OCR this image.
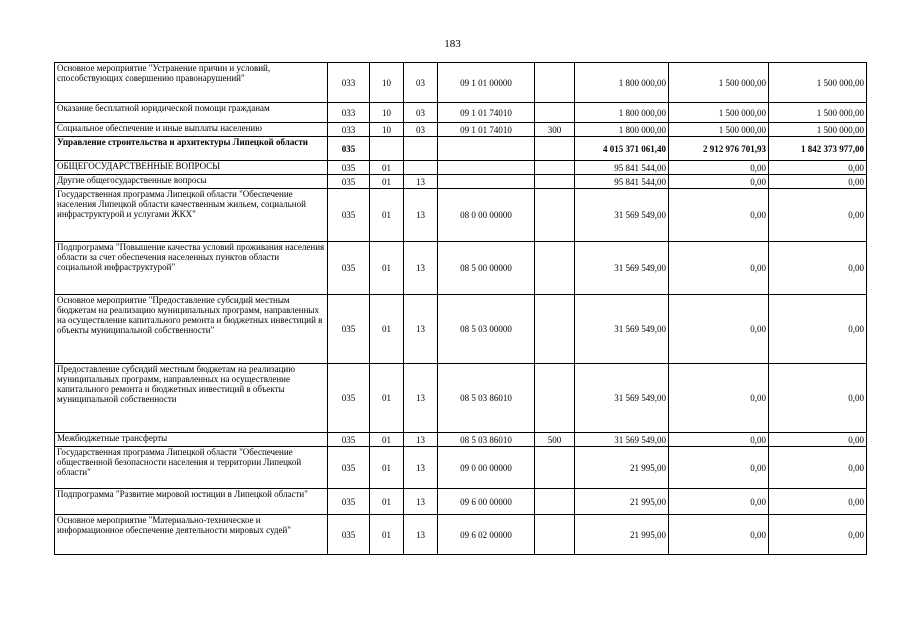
183
Основное мероприятие "Устранение причин и условий, способствующих совершению правонарушений"	033	10	03	09 1 01 00000		1 800 000,00	1 500 000,00	1 500 000,00
Оказание бесплатной юридической помощи гражданам	033	10	03	09 1 01 74010		1 800 000,00	1 500 000,00	1 500 000,00
Социальное обеспечение и иные выплаты населению	033	10	03	09 1 01 74010	300	1 800 000,00	1 500 000,00	1 500 000,00
Управление строительства и архитектуры Липецкой области	035					4 015 371 061,40	2 912 976 701,93	1 842 373 977,00
ОБЩЕГОСУДАРСТВЕННЫЕ ВОПРОСЫ	035	01				95 841 544,00	0,00	0,00
Другие общегосударственные вопросы	035	01	13			95 841 544,00	0,00	0,00
Государственная программа Липецкой области "Обеспечение населения Липецкой области качественным жильем, социальной инфраструктурой и услугами ЖКХ"	035	01	13	08 0 00 00000		31 569 549,00	0,00	0,00
Подпрограмма "Повышение качества условий проживания населения области за счет обеспечения населенных пунктов области социальной инфраструктурой"	035	01	13	08 5 00 00000		31 569 549,00	0,00	0,00
Основное мероприятие "Предоставление субсидий местным бюджетам на реализацию муниципальных программ, направленных на осуществление капитального ремонта и бюджетных инвестиций в объекты муниципальной собственности"	035	01	13	08 5 03 00000		31 569 549,00	0,00	0,00
Предоставление субсидий местным бюджетам на реализацию муниципальных программ, направленных на осуществление капитального ремонта и бюджетных инвестиций в объекты муниципальной собственности	035	01	13	08 5 03 86010		31 569 549,00	0,00	0,00
Межбюджетные трансферты	035	01	13	08 5 03 86010	500	31 569 549,00	0,00	0,00
Государственная программа Липецкой области "Обеспечение общественной безопасности населения и территории Липецкой области"	035	01	13	09 0 00 00000		21 995,00	0,00	0,00
Подпрограмма "Развитие мировой юстиции в Липецкой области"	035	01	13	09 6 00 00000		21 995,00	0,00	0,00
Основное мероприятие "Материально-техническое и информационное обеспечение деятельности мировых судей"	035	01	13	09 6 02 00000		21 995,00	0,00	0,00
